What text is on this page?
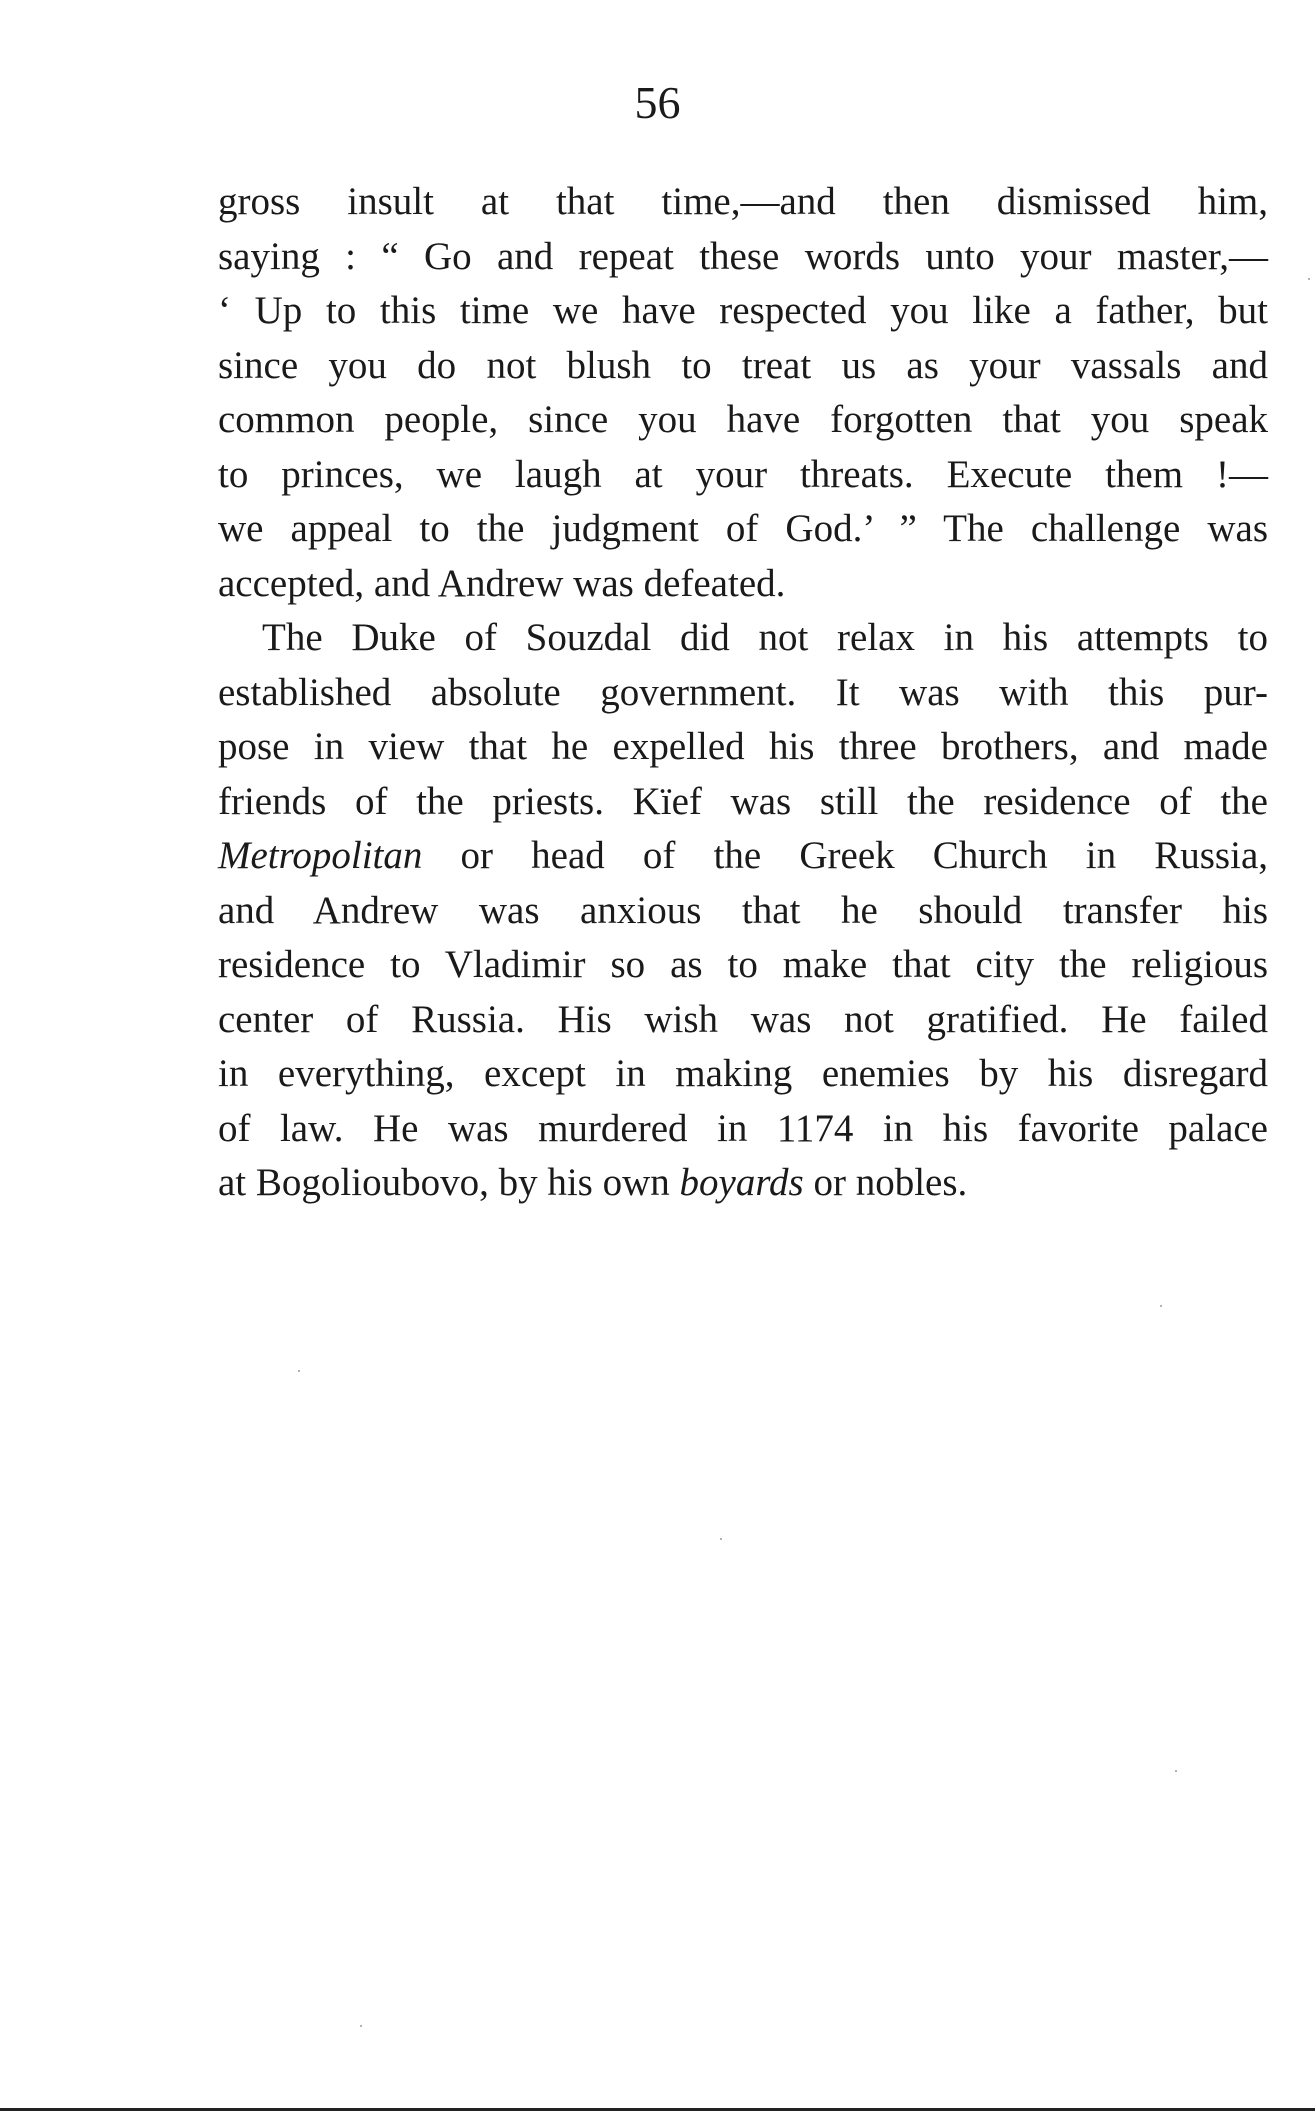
56
gross insult at that time,—and then dismissed him,
saying : “ Go and repeat these words unto your master,—
‘ Up to this time we have respected you like a father, but
since you do not blush to treat us as your vassals and
common people, since you have forgotten that you speak
to princes, we laugh at your threats. Execute them !—
we appeal to the judgment of God.’ ” The challenge was
accepted, and Andrew was defeated.
The Duke of Souzdal did not relax in his attempts to
established absolute government. It was with this pur-
pose in view that he expelled his three brothers, and made
friends of the priests. Kïef was still the residence of the
Metropolitan or head of the Greek Church in Russia,
and Andrew was anxious that he should transfer his
residence to Vladimir so as to make that city the religious
center of Russia. His wish was not gratified. He failed
in everything, except in making enemies by his disregard
of law. He was murdered in 1174 in his favorite palace
at Bogolioubovo, by his own boyards or nobles.
